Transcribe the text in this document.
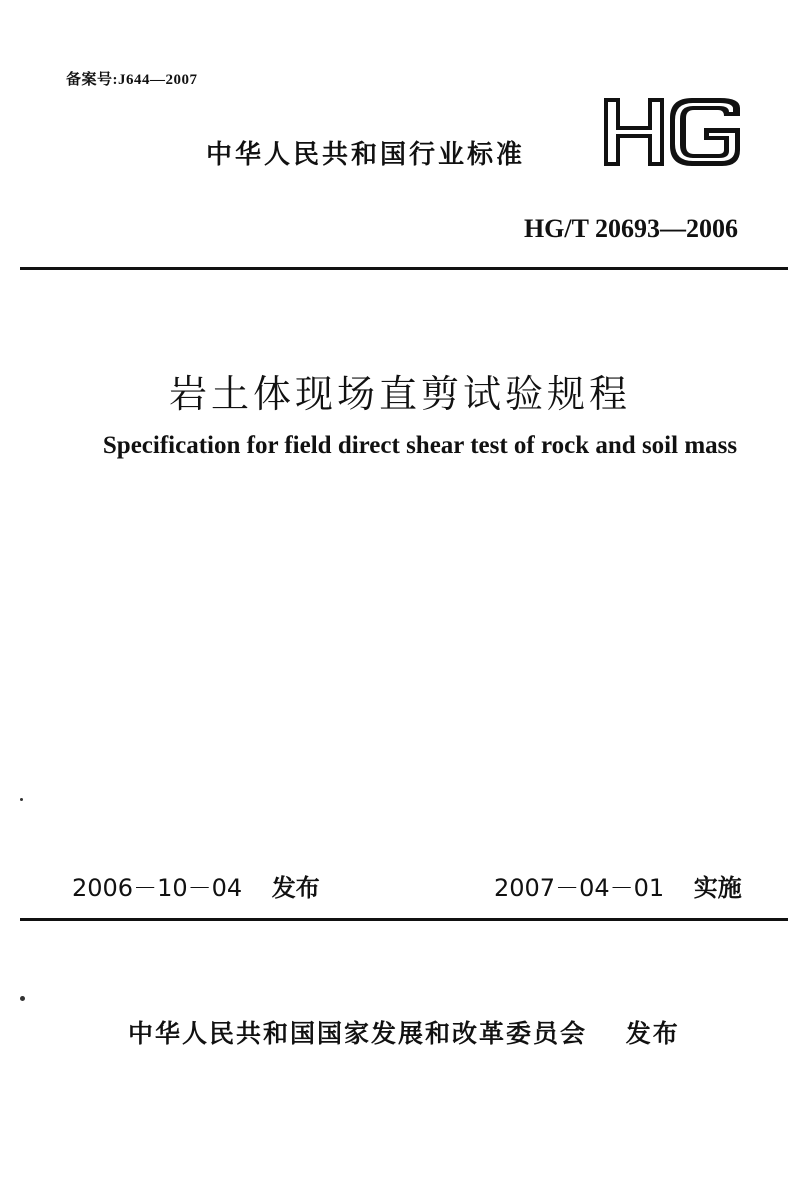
备案号:J644—2007
中华人民共和国行业标准
HG/T 20693—2006
岩土体现场直剪试验规程
Specification for field direct shear test of rock and soil mass
2006－10－04 发布	2007－04－01 实施
中华人民共和国国家发展和改革委员会 发布
